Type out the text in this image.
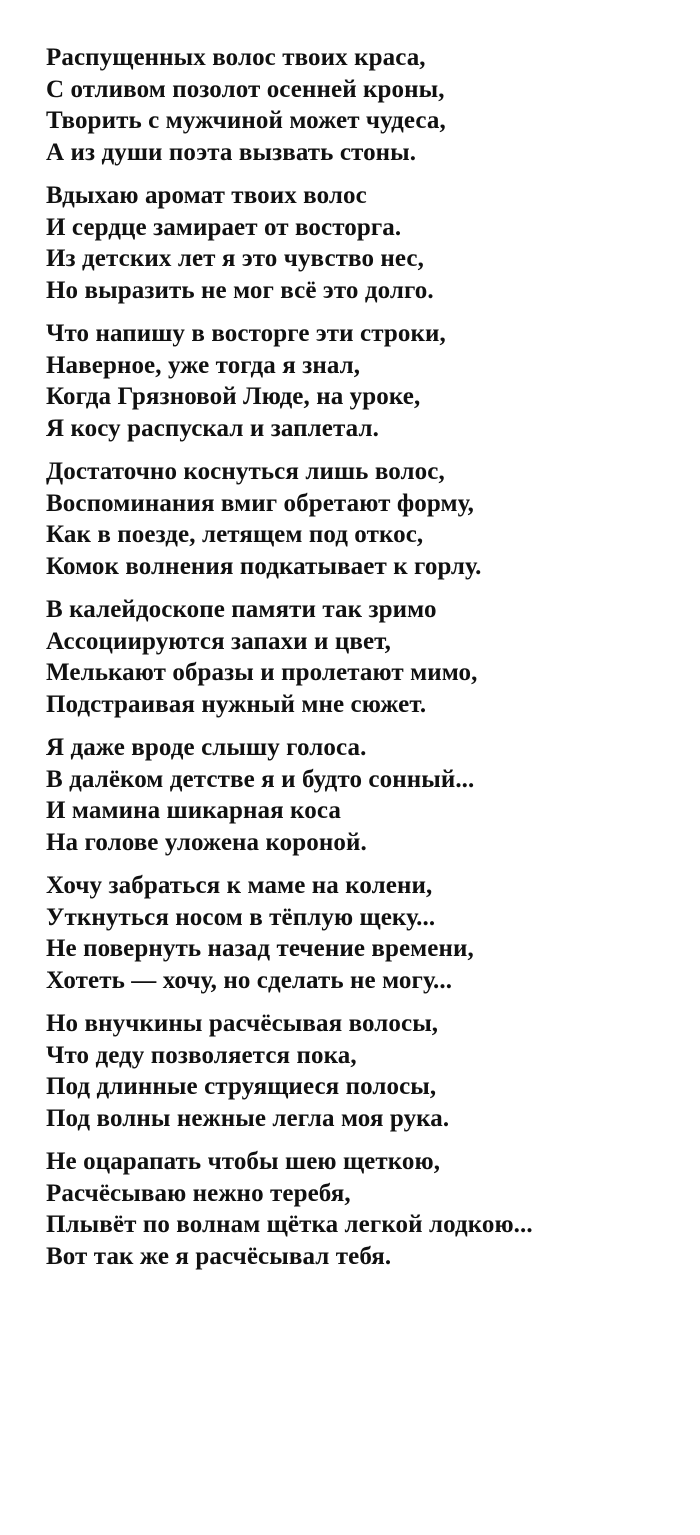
Распущенных волос твоих краса,
С отливом позолот осенней кроны,
Творить с мужчиной может чудеса,
А из души поэта вызвать стоны.
Вдыхаю аромат твоих волос
И сердце замирает от восторга.
Из детских лет я это чувство нес,
Но выразить не мог всё это долго.
Что напишу в восторге эти строки,
Наверное, уже тогда я знал,
Когда Грязновой Люде, на уроке,
Я косу распускал и заплетал.
Достаточно коснуться лишь волос,
Воспоминания вмиг обретают форму,
Как в поезде, летящем под откос,
Комок волнения подкатывает к горлу.
В калейдоскопе памяти так зримо
Ассоциируются запахи и цвет,
Мелькают образы и пролетают мимо,
Подстраивая нужный мне сюжет.
Я даже вроде слышу голоса.
В далёком детстве я и будто сонный...
И мамина шикарная коса
На голове уложена короной.
Хочу забраться к маме на колени,
Уткнуться носом в тёплую щеку...
Не повернуть назад течение времени,
Хотеть — хочу, но сделать не могу...
Но внучкины расчёсывая волосы,
Что деду позволяется пока,
Под длинные струящиеся полосы,
Под волны нежные легла моя рука.
Не оцарапать чтобы шею щеткою,
Расчёсываю нежно теребя,
Плывёт по волнам щётка легкой лодкою...
Вот так же я расчёсывал тебя.
